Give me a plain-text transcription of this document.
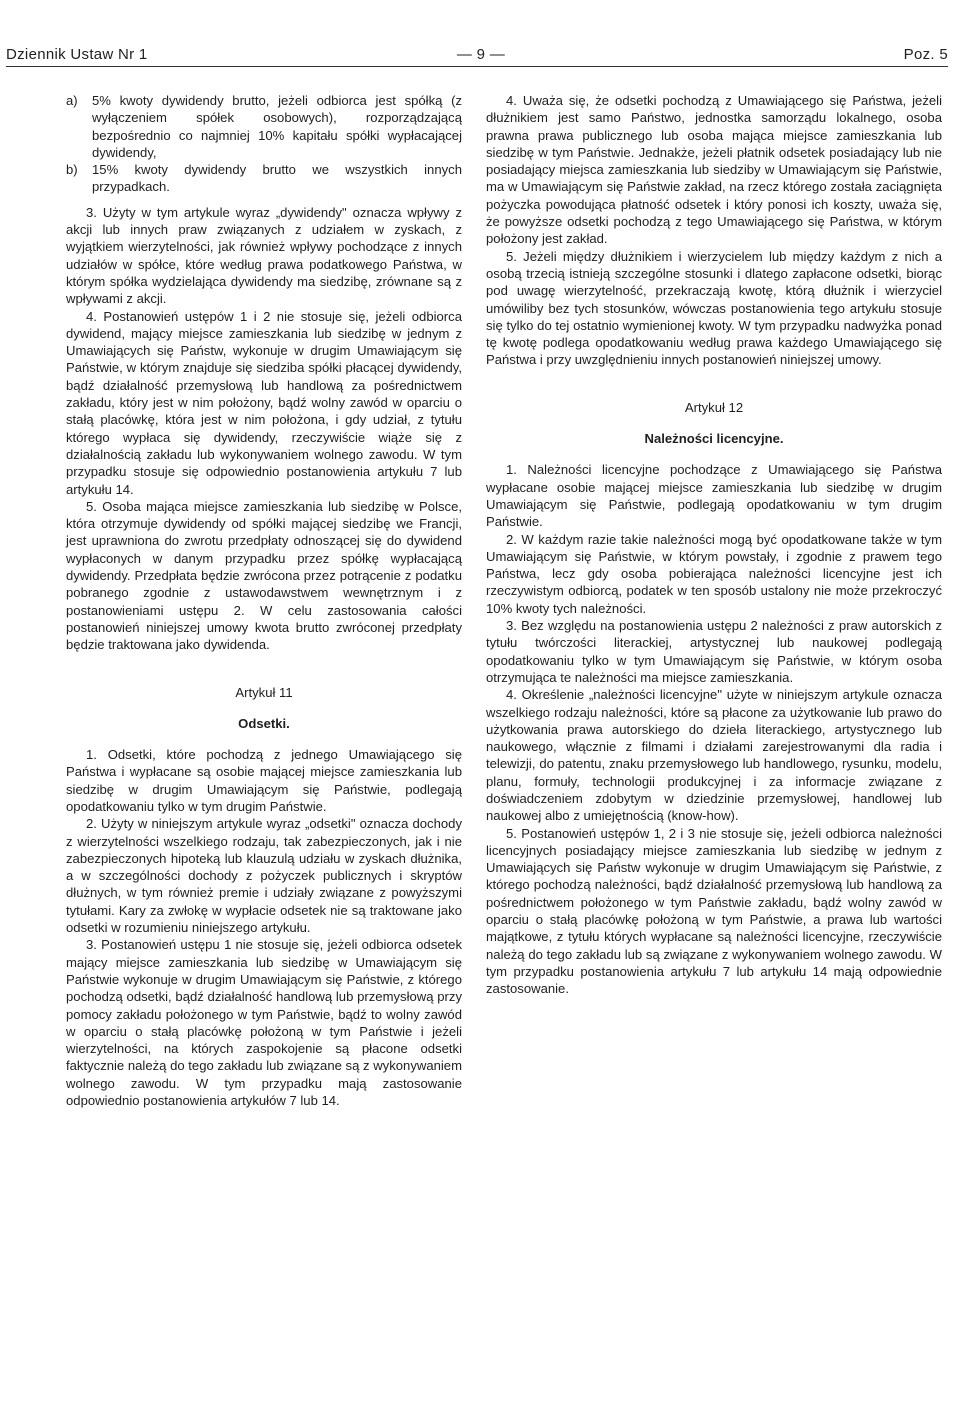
Dziennik Ustaw Nr 1	— 9 —	Poz. 5
a)	5% kwoty dywidendy brutto, jeżeli odbiorca jest spółką (z wyłączeniem spółek osobowych), rozporządzającą bezpośrednio co najmniej 10% kapitału spółki wypłacającej dywidendy,
b)	15% kwoty dywidendy brutto we wszystkich innych przypadkach.

3. Użyty w tym artykule wyraz „dywidendy" oznacza wpływy z akcji lub innych praw związanych z udziałem w zyskach, z wyjątkiem wierzytelności, jak również wpływy pochodzące z innych udziałów w spółce, które według prawa podatkowego Państwa, w którym spółka wydzielająca dywidendy ma siedzibę, zrównane są z wpływami z akcji.

4. Postanowień ustępów 1 i 2 nie stosuje się, jeżeli odbiorca dywidend, mający miejsce zamieszkania lub siedzibę w jednym z Umawiających się Państw, wykonuje w drugim Umawiającym się Państwie, w którym znajduje się siedziba spółki płacącej dywidendy, bądź działalność przemysłową lub handlową za pośrednictwem zakładu, który jest w nim położony, bądź wolny zawód w oparciu o stałą placówkę, która jest w nim położona, i gdy udział, z tytułu którego wypłaca się dywidendy, rzeczywiście wiąże się z działalnością zakładu lub wykonywaniem wolnego zawodu. W tym przypadku stosuje się odpowiednio postanowienia artykułu 7 lub artykułu 14.

5. Osoba mająca miejsce zamieszkania lub siedzibę w Polsce, która otrzymuje dywidendy od spółki mającej siedzibę we Francji, jest uprawniona do zwrotu przedpłaty odnoszącej się do dywidend wypłaconych w danym przypadku przez spółkę wypłacającą dywidendy. Przedpłata będzie zwrócona przez potrącenie z podatku pobranego zgodnie z ustawodawstwem wewnętrznym i z postanowieniami ustępu 2. W celu zastosowania całości postanowień niniejszej umowy kwota brutto zwróconej przedpłaty będzie traktowana jako dywidenda.

Artykuł 11

Odsetki.

1. Odsetki, które pochodzą z jednego Umawiającego się Państwa i wypłacane są osobie mającej miejsce zamieszkania lub siedzibę w drugim Umawiającym się Państwie, podlegają opodatkowaniu tylko w tym drugim Państwie.

2. Użyty w niniejszym artykule wyraz „odsetki" oznacza dochody z wierzytelności wszelkiego rodzaju, tak zabezpieczonych, jak i nie zabezpieczonych hipoteką lub klauzulą udziału w zyskach dłużnika, a w szczególności dochody z pożyczek publicznych i skryptów dłużnych, w tym również premie i udziały związane z powyższymi tytułami. Kary za zwłokę w wypłacie odsetek nie są traktowane jako odsetki w rozumieniu niniejszego artykułu.

3. Postanowień ustępu 1 nie stosuje się, jeżeli odbiorca odsetek mający miejsce zamieszkania lub siedzibę w Umawiającym się Państwie wykonuje w drugim Umawiającym się Państwie, z którego pochodzą odsetki, bądź działalność handlową lub przemysłową przy pomocy zakładu położonego w tym Państwie, bądź to wolny zawód w oparciu o stałą placówkę położoną w tym Państwie i jeżeli wierzytelności, na których zaspokojenie są płacone odsetki faktycznie należą do tego zakładu lub związane są z wykonywaniem wolnego zawodu. W tym przypadku mają zastosowanie odpowiednio postanowienia artykułów 7 lub 14.

4. Uważa się, że odsetki pochodzą z Umawiającego się Państwa, jeżeli dłużnikiem jest samo Państwo, jednostka samorządu lokalnego, osoba prawna prawa publicznego lub osoba mająca miejsce zamieszkania lub siedzibę w tym Państwie. Jednakże, jeżeli płatnik odsetek posiadający lub nie posiadający miejsca zamieszkania lub siedziby w Umawiającym się Państwie, ma w Umawiającym się Państwie zakład, na rzecz którego została zaciągnięta pożyczka powodująca płatność odsetek i który ponosi ich koszty, uważa się, że powyższe odsetki pochodzą z tego Umawiającego się Państwa, w którym położony jest zakład.

5. Jeżeli między dłużnikiem i wierzycielem lub między każdym z nich a osobą trzecią istnieją szczególne stosunki i dlatego zapłacone odsetki, biorąc pod uwagę wierzytelność, przekraczają kwotę, którą dłużnik i wierzyciel umówiliby bez tych stosunków, wówczas postanowienia tego artykułu stosuje się tylko do tej ostatnio wymienionej kwoty. W tym przypadku nadwyżka ponad tę kwotę podlega opodatkowaniu według prawa każdego Umawiającego się Państwa i przy uwzględnieniu innych postanowień niniejszej umowy.

Artykuł 12

Należności licencyjne.

1. Należności licencyjne pochodzące z Umawiającego się Państwa wypłacane osobie mającej miejsce zamieszkania lub siedzibę w drugim Umawiającym się Państwie, podlegają opodatkowaniu w tym drugim Państwie.

2. W każdym razie takie należności mogą być opodatkowane także w tym Umawiającym się Państwie, w którym powstały, i zgodnie z prawem tego Państwa, lecz gdy osoba pobierająca należności licencyjne jest ich rzeczywistym odbiorcą, podatek w ten sposób ustalony nie może przekroczyć 10% kwoty tych należności.

3. Bez względu na postanowienia ustępu 2 należności z praw autorskich z tytułu twórczości literackiej, artystycznej lub naukowej podlegają opodatkowaniu tylko w tym Umawiającym się Państwie, w którym osoba otrzymująca te należności ma miejsce zamieszkania.

4. Określenie „należności licencyjne" użyte w niniejszym artykule oznacza wszelkiego rodzaju należności, które są płacone za użytkowanie lub prawo do użytkowania prawa autorskiego do dzieła literackiego, artystycznego lub naukowego, włącznie z filmami i działami zarejestrowanymi dla radia i telewizji, do patentu, znaku przemysłowego lub handlowego, rysunku, modelu, planu, formuły, technologii produkcyjnej i za informacje związane z doświadczeniem zdobytym w dziedzinie przemysłowej, handlowej lub naukowej albo z umiejętnością (know-how).

5. Postanowień ustępów 1, 2 i 3 nie stosuje się, jeżeli odbiorca należności licencyjnych posiadający miejsce zamieszkania lub siedzibę w jednym z Umawiających się Państw wykonuje w drugim Umawiającym się Państwie, z którego pochodzą należności, bądź działalność przemysłową lub handlową za pośrednictwem położonego w tym Państwie zakładu, bądź wolny zawód w oparciu o stałą placówkę położoną w tym Państwie, a prawa lub wartości majątkowe, z tytułu których wypłacane są należności licencyjne, rzeczywiście należą do tego zakładu lub są związane z wykonywaniem wolnego zawodu. W tym przypadku postanowienia artykułu 7 lub artykułu 14 mają odpowiednie zastosowanie.
